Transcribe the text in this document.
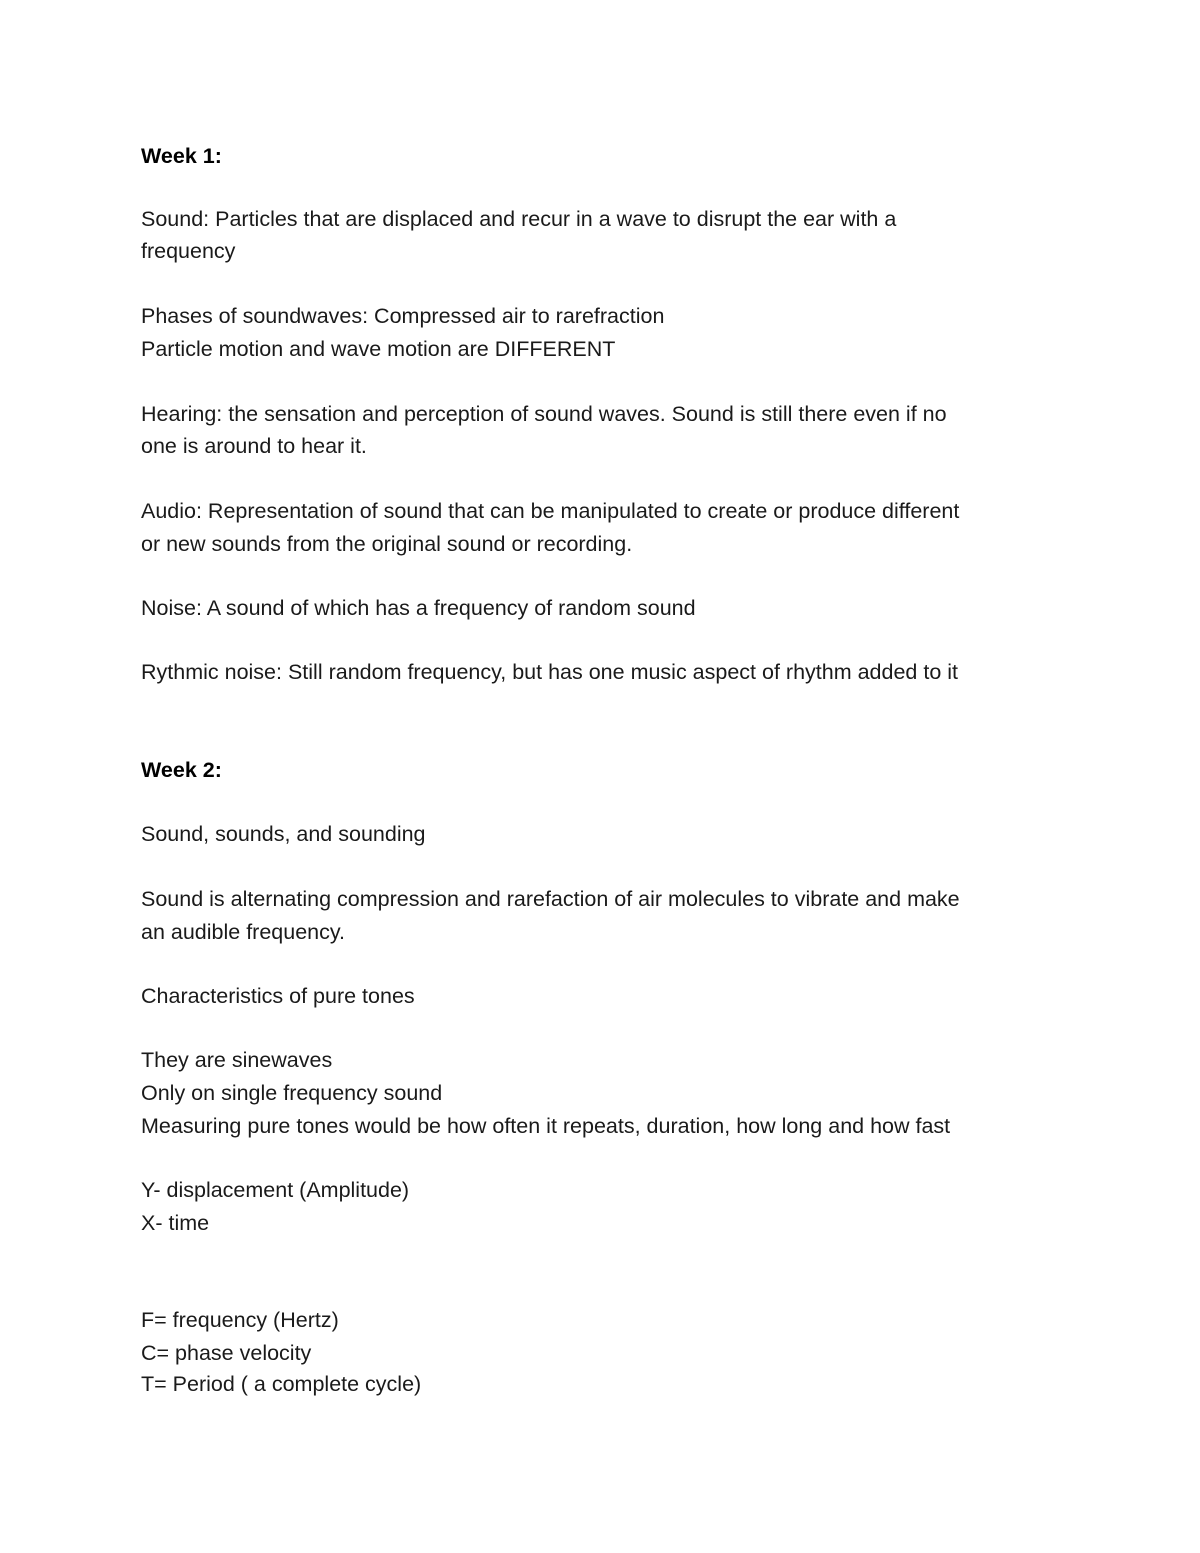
Week 1:
Sound: Particles that are displaced and recur in a wave to disrupt the ear with a
frequency
Phases of soundwaves: Compressed air to rarefraction
Particle motion and wave motion are DIFFERENT
Hearing: the sensation and perception of sound waves. Sound is still there even if no
one is around to hear it.
Audio: Representation of sound that can be manipulated to create or produce different
or new sounds from the original sound or recording.
Noise: A sound of which has a frequency of random sound
Rythmic noise: Still random frequency, but has one music aspect of rhythm added to it
Week 2:
Sound, sounds, and sounding
Sound is alternating compression and rarefaction of air molecules to vibrate and make
an audible frequency.
Characteristics of pure tones
They are sinewaves
Only on single frequency sound
Measuring pure tones would be how often it repeats, duration, how long and how fast
Y- displacement (Amplitude)
X- time
F= frequency (Hertz)
C= phase velocity
T= Period ( a complete cycle)
